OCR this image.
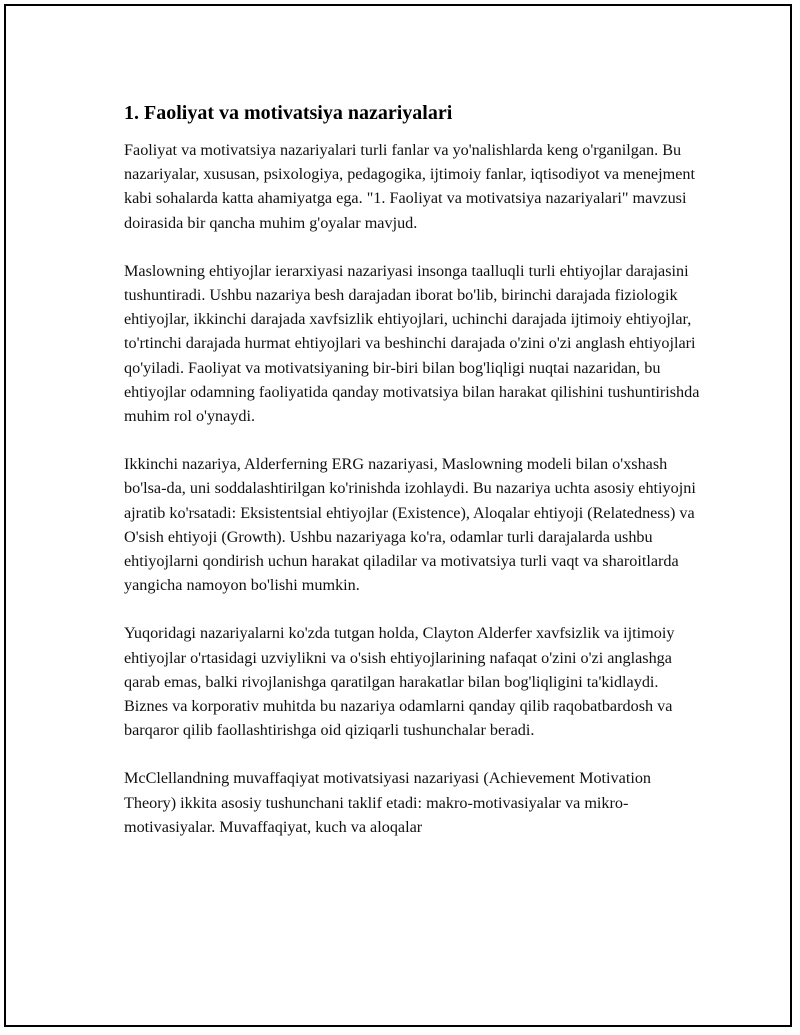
1. Faoliyat va motivatsiya nazariyalari

Faoliyat va motivatsiya nazariyalari turli fanlar va yo'nalishlarda keng o'rganilgan. Bu nazariyalar, xususan, psixologiya, pedagogika, ijtimoiy fanlar, iqtisodiyot va menejment kabi sohalarda katta ahamiyatga ega. "1. Faoliyat va motivatsiya nazariyalari" mavzusi doirasida bir qancha muhim g'oyalar mavjud.

Maslowning ehtiyojlar ierarxiyasi nazariyasi insonga taalluqli turli ehtiyojlar darajasini tushuntiradi. Ushbu nazariya besh darajadan iborat bo'lib, birinchi darajada fiziologik ehtiyojlar, ikkinchi darajada xavfsizlik ehtiyojlari, uchinchi darajada ijtimoiy ehtiyojlar, to'rtinchi darajada hurmat ehtiyojlari va beshinchi darajada o'zini o'zi anglash ehtiyojlari qo'yiladi. Faoliyat va motivatsiyaning bir-biri bilan bog'liqligi nuqtai nazaridan, bu ehtiyojlar odamning faoliyatida qanday motivatsiya bilan harakat qilishini tushuntirishda muhim rol o'ynaydi.

Ikkinchi nazariya, Alderferning ERG nazariyasi, Maslowning modeli bilan o'xshash bo'lsa-da, uni soddalashtirilgan ko'rinishda izohlaydi. Bu nazariya uchta asosiy ehtiyojni ajratib ko'rsatadi: Eksistentsial ehtiyojlar (Existence), Aloqalar ehtiyoji (Relatedness) va O'sish ehtiyoji (Growth). Ushbu nazariyaga ko'ra, odamlar turli darajalarda ushbu ehtiyojlarni qondirish uchun harakat qiladilar va motivatsiya turli vaqt va sharoitlarda yangicha namoyon bo'lishi mumkin.

Yuqoridagi nazariyalarni ko'zda tutgan holda, Clayton Alderfer xavfsizlik va ijtimoiy ehtiyojlar o'rtasidagi uzviylikni va o'sish ehtiyojlarining nafaqat o'zini o'zi anglashga qarab emas, balki rivojlanishga qaratilgan harakatlar bilan bog'liqligini ta'kidlaydi. Biznes va korporativ muhitda bu nazariya odamlarni qanday qilib raqobatbardosh va barqaror qilib faollashtirishga oid qiziqarli tushunchalar beradi.

McClellandning muvaffaqiyat motivatsiyasi nazariyasi (Achievement Motivation Theory) ikkita asosiy tushunchani taklif etadi: makro-motivasiyalar va mikro-motivasiyalar. Muvaffaqiyat, kuch va aloqalar
